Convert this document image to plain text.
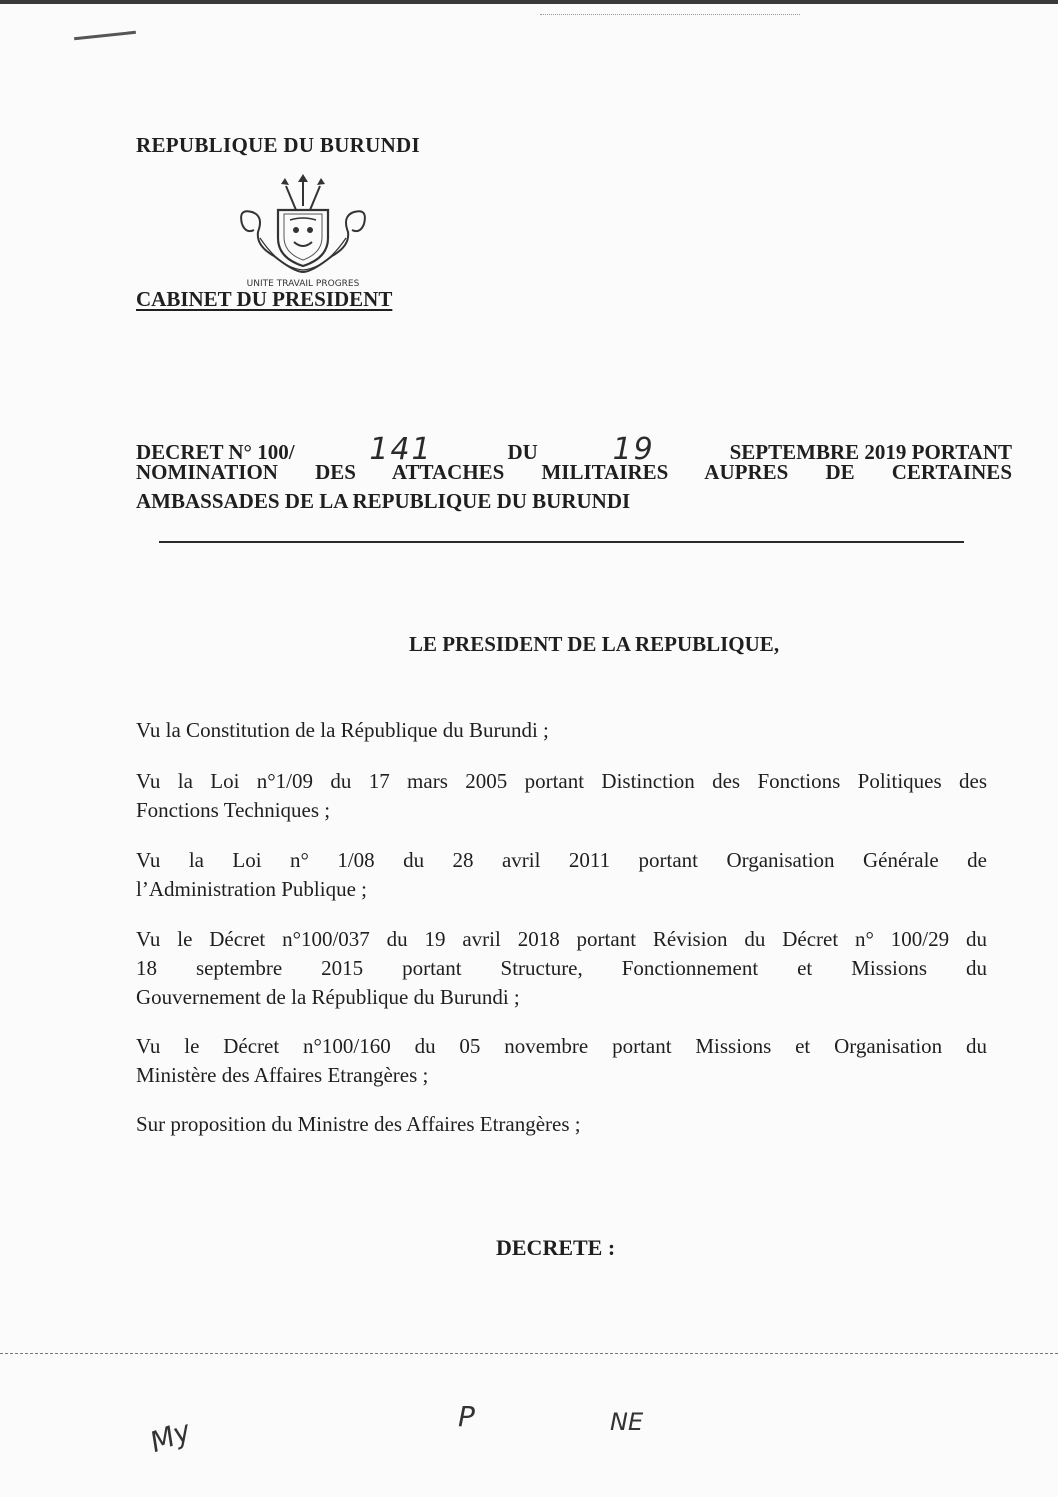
REPUBLIQUE DU BURUNDI
UNITE TRAVAIL PROGRES
CABINET DU PRESIDENT
DECRET N° 100/ 141	DU 19	SEPTEMBRE 2019 PORTANT
NOMINATION DES ATTACHES MILITAIRES AUPRES DE CERTAINES
AMBASSADES DE LA REPUBLIQUE DU BURUNDI
LE PRESIDENT DE LA REPUBLIQUE,
Vu la Constitution de la République du Burundi ;
Vu la Loi n°1/09 du 17 mars 2005 portant Distinction des Fonctions Politiques des
Fonctions Techniques ;
Vu la Loi n° 1/08 du 28 avril 2011 portant Organisation Générale de
l’Administration Publique ;
Vu le Décret n°100/037 du 19 avril 2018 portant Révision du Décret n° 100/29 du
18 septembre 2015 portant Structure, Fonctionnement et Missions du
Gouvernement de la République du Burundi ;
Vu le Décret n°100/160 du 05 novembre portant Missions et Organisation du
Ministère des Affaires Etrangères ;
Sur proposition du Ministre des Affaires Etrangères ;
DECRETE :
My	P	NE
